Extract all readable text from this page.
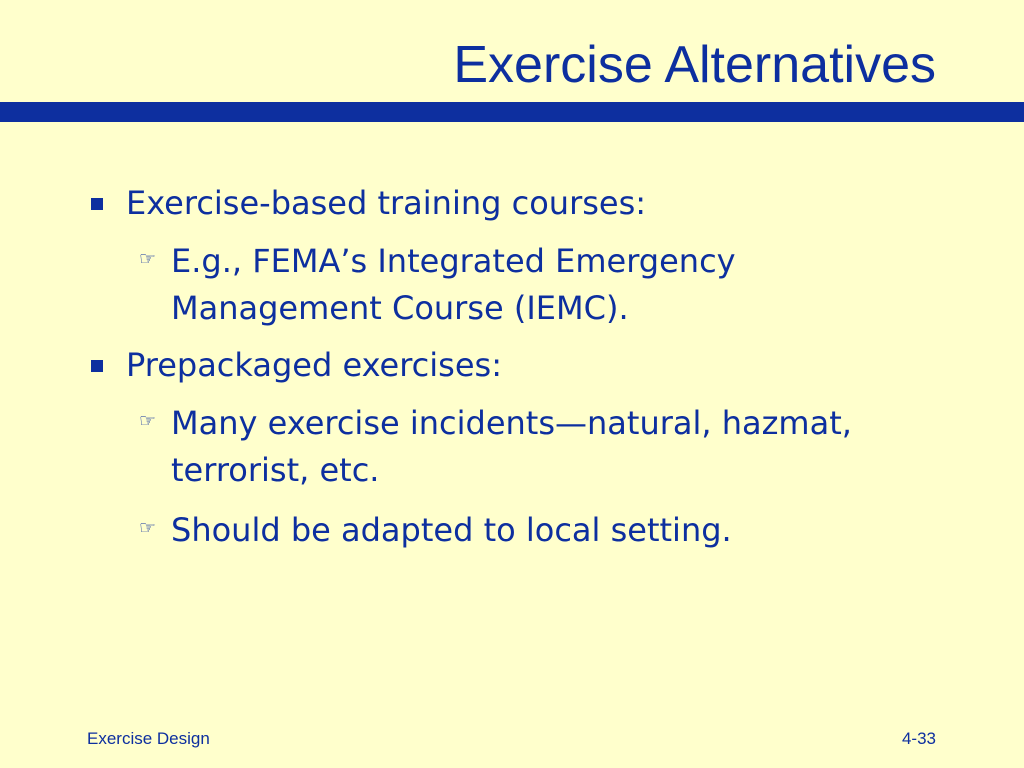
Exercise Alternatives
Exercise-based training courses:
☞ E.g., FEMA’s Integrated Emergency Management Course (IEMC).
Prepackaged exercises:
☞ Many exercise incidents—natural, hazmat, terrorist, etc.
☞ Should be adapted to local setting.
Exercise Design	4-33
